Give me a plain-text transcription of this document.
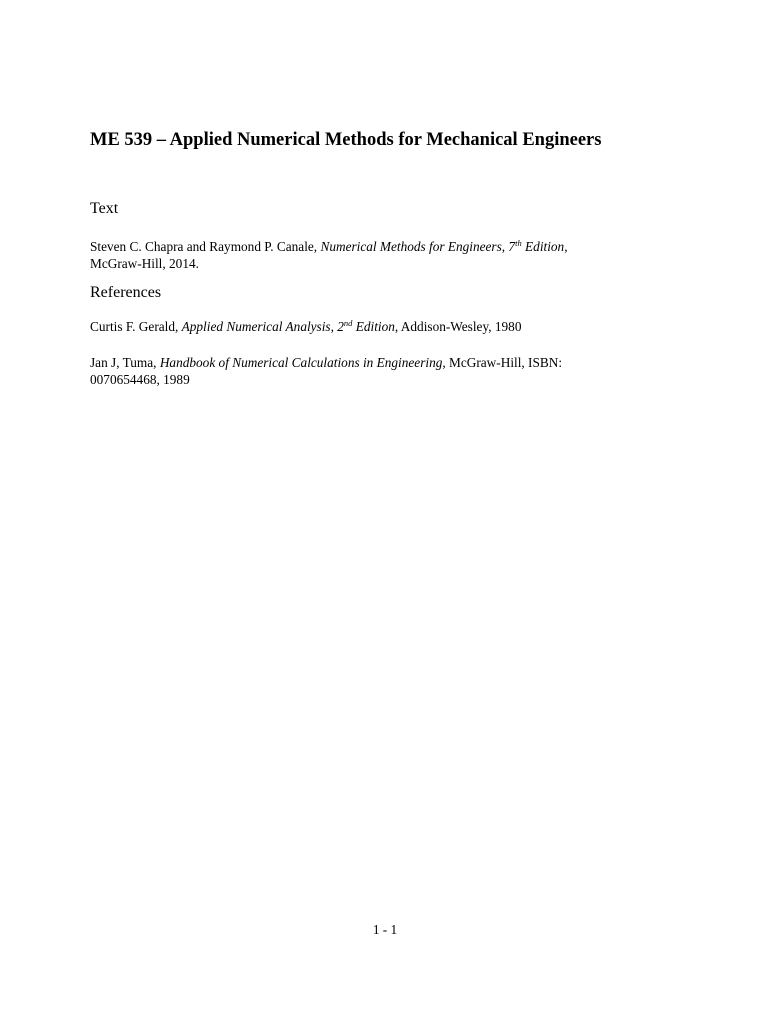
ME 539 – Applied Numerical Methods for Mechanical Engineers
Text

Steven C. Chapra and Raymond P. Canale, Numerical Methods for Engineers, 7th Edition,
McGraw-Hill, 2014.

References

Curtis F. Gerald, Applied Numerical Analysis, 2nd Edition, Addison-Wesley, 1980

Jan J, Tuma, Handbook of Numerical Calculations in Engineering, McGraw-Hill, ISBN:
0070654468, 1989

1 - 1
